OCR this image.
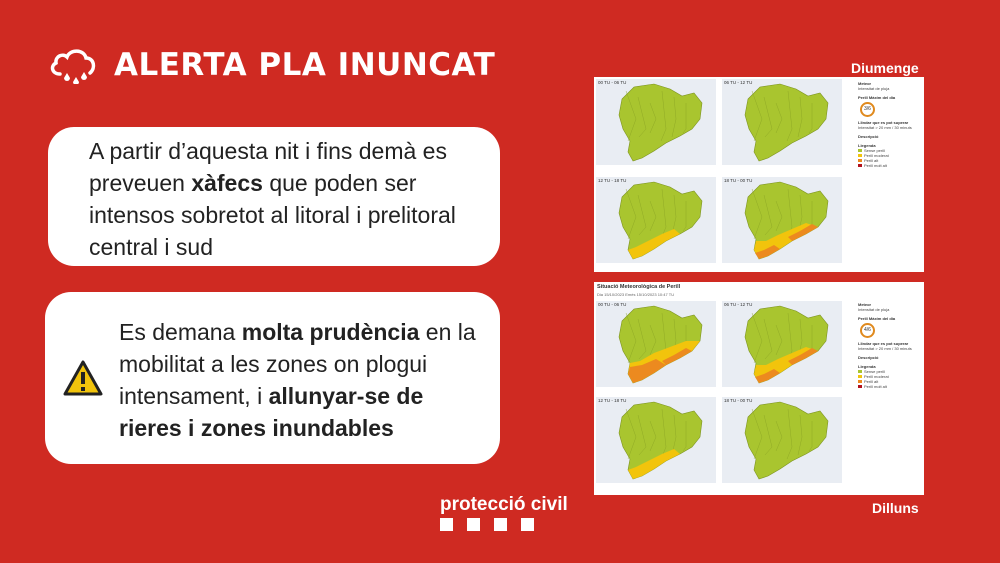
ALERTA PLA INUNCAT
A partir d’aquesta nit i fins demà es preveuen xàfecs que poden ser intensos sobretot al litoral i prelitoral central i sud
Es demana molta prudència en la mobilitat a les zones on plogui intensament, i allunyar-se de rieres i zones inundables
protecció civil
Diumenge
Dilluns
Meteor
Intensitat de pluja
Perill Màxim del dia
3/6
Llindar que es pot superar
Intensitat > 20 mm / 30 minuts
Descripció
Llegenda
Sense perill
Perill moderat
Perill alt
Perill molt alt
00 TU - 06 TU	06 TU - 12 TU
12 TU - 18 TU	18 TU - 00 TU
Situació Meteorològica de Perill
Dia 15/10/2023 Emès 15/10/2023 10:47 TU
Meteor
Intensitat de pluja
Perill Màxim del dia
4/6
Llindar que es pot superar
Intensitat > 20 mm / 30 minuts
Descripció
Llegenda
Sense perill
Perill moderat
Perill alt
Perill molt alt
00 TU - 06 TU	06 TU - 12 TU
12 TU - 18 TU	18 TU - 00 TU
